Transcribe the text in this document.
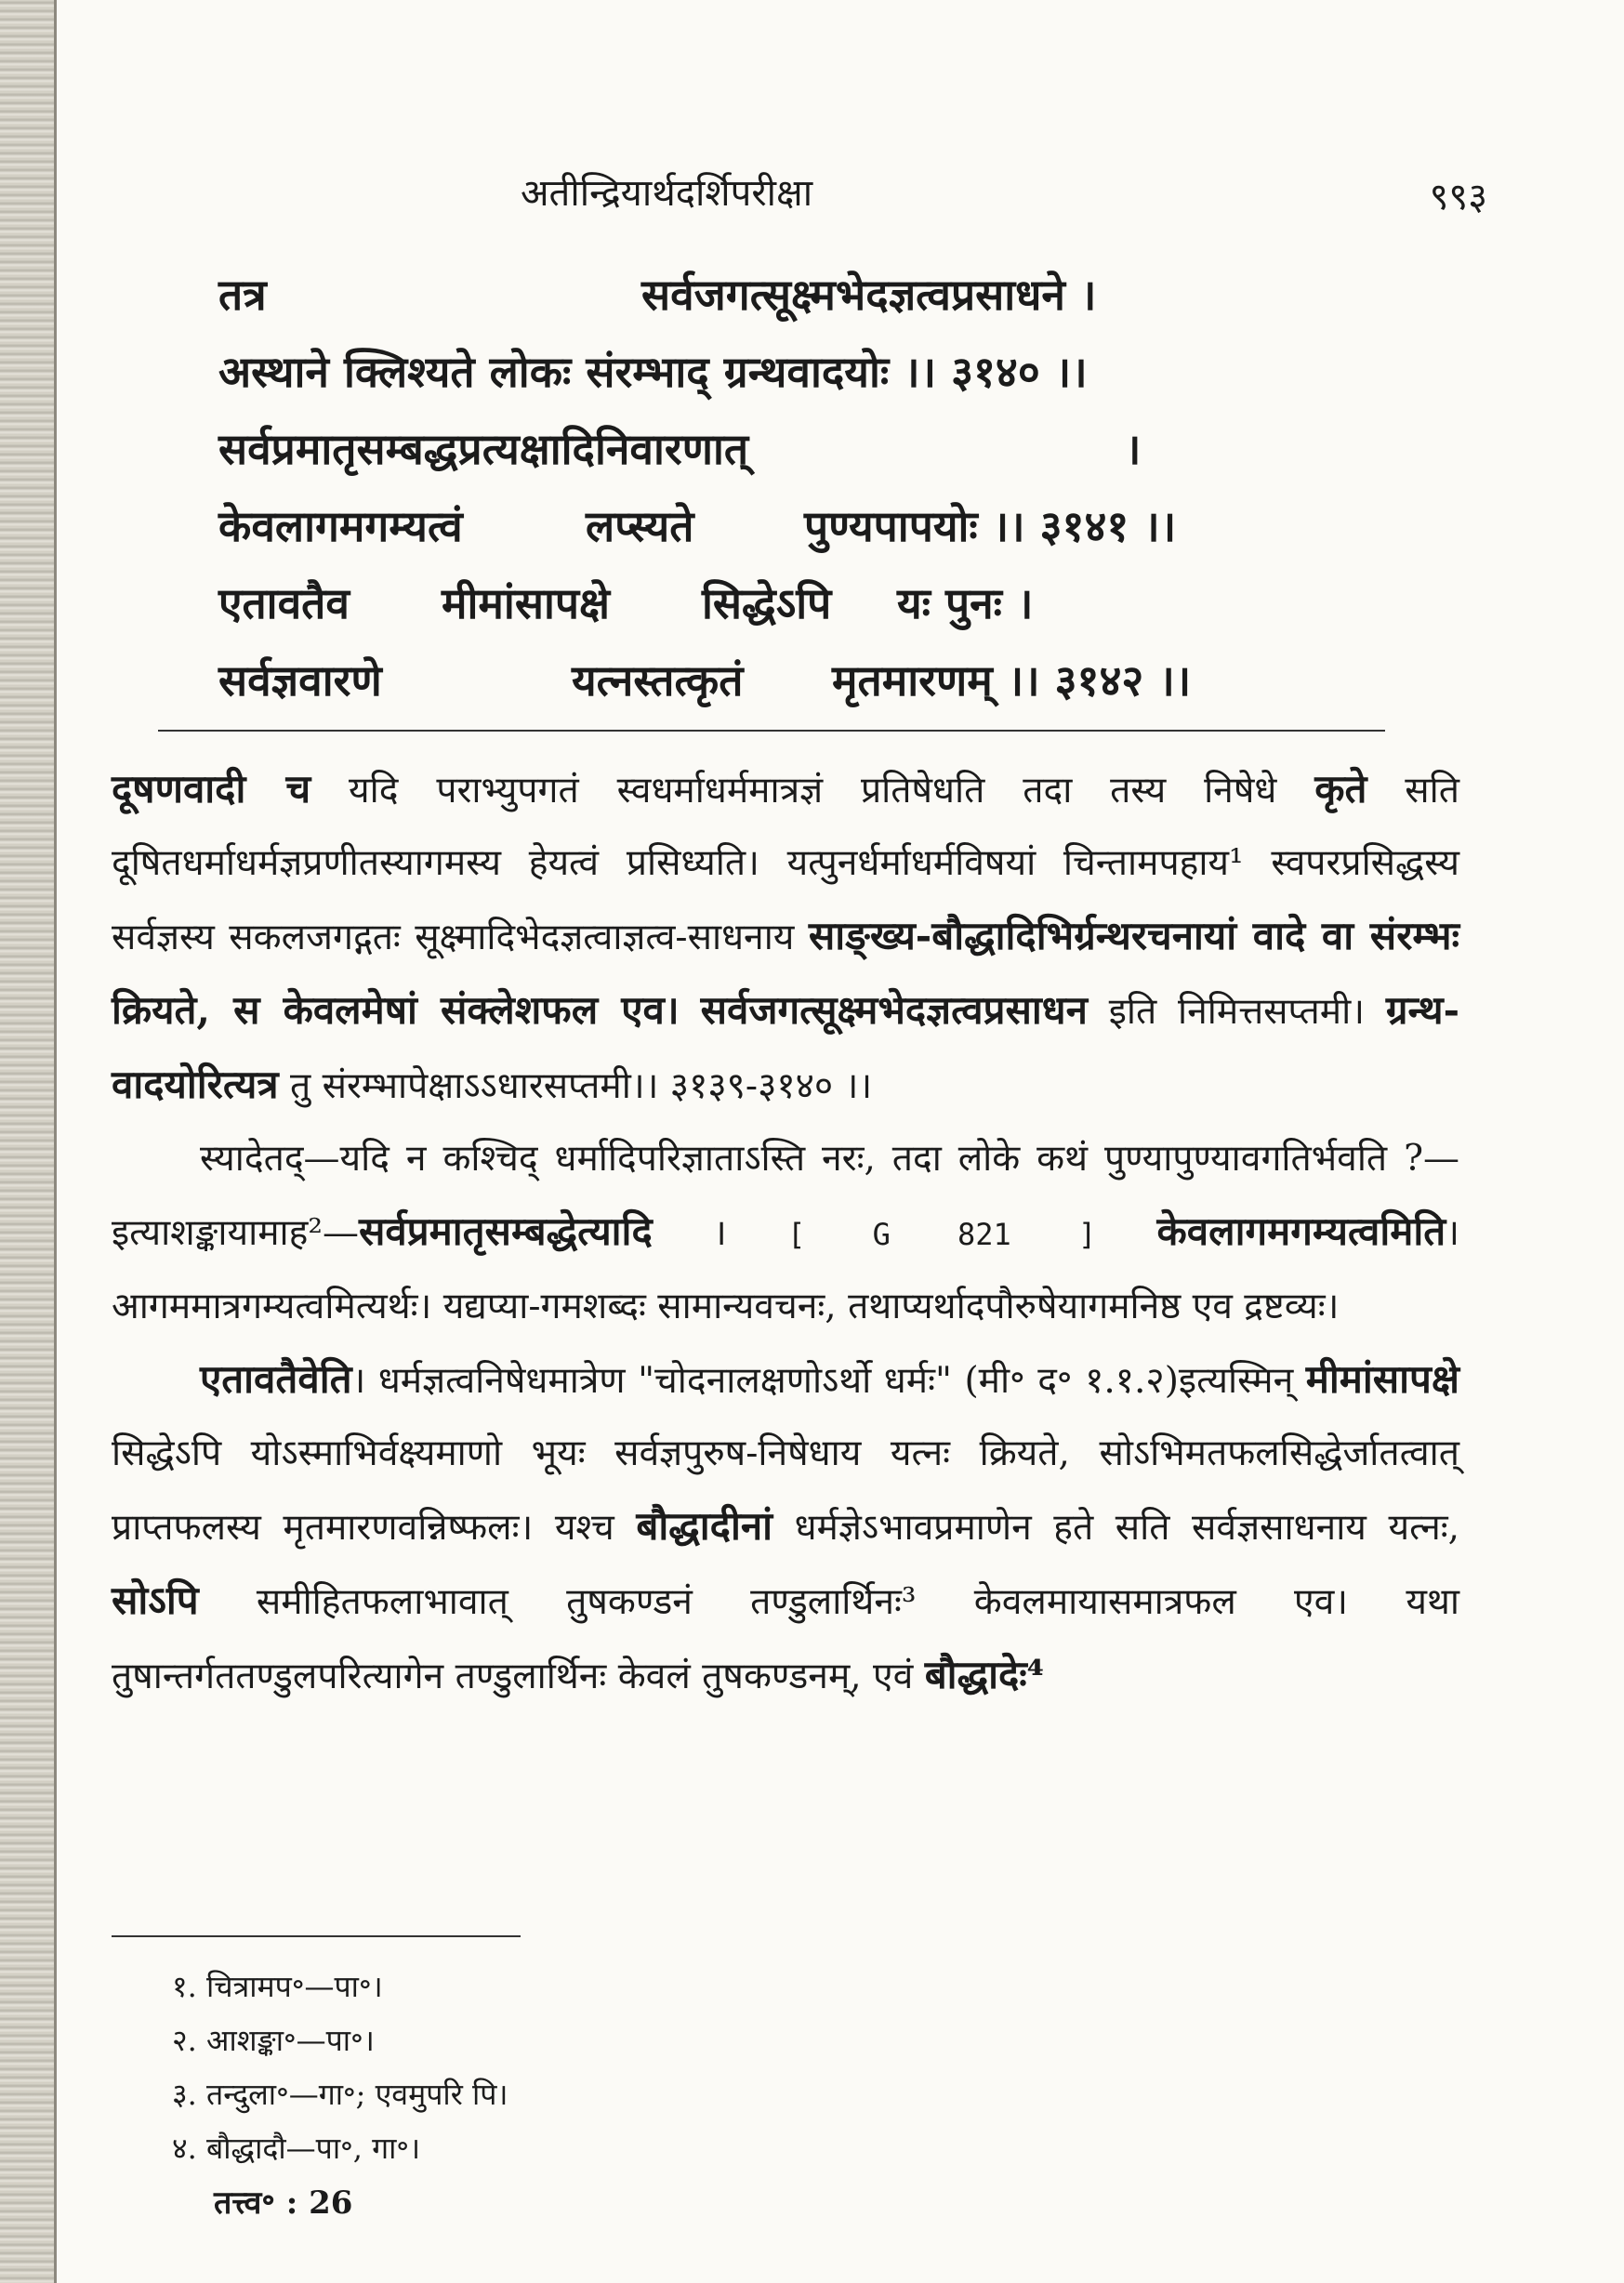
अतीन्द्रियार्थदर्शिपरीक्षा	९९३
तत्र	सर्वजगत्सूक्ष्मभेदज्ञत्वप्रसाधने ।
अस्थाने क्लिश्यते लोकः संरम्भाद् ग्रन्थवादयोः ।। ३१४० ।।
सर्वप्रमातृसम्बद्धप्रत्यक्षादिनिवारणात्	।
केवलागमगम्यत्वं	लप्स्यते	पुण्यपापयोः ।। ३१४१ ।।
एतावतैव मीमांसापक्षे सिद्धेऽपि यः पुनः ।
सर्वज्ञवारणे	यत्नस्तत्कृतं मृतमारणम् ।। ३१४२ ।।

दूषणवादी च यदि पराभ्युपगतं स्वधर्माधर्ममात्रज्ञं प्रतिषेधति तदा तस्य निषेधे कृते सति दूषितधर्माधर्मज्ञप्रणीतस्यागमस्य हेयत्वं प्रसिध्यति। यत्पुनर्धर्माधर्मविषयां चिन्तामपहाय¹ स्वपरप्रसिद्धस्य सर्वज्ञस्य सकलजगद्गतः सूक्ष्मादिभेदज्ञत्वाज्ञत्व-साधनाय साङ्ख्य-बौद्धादिभिर्ग्रन्थरचनायां वादे वा संरम्भः क्रियते, स केवलमेषां संक्लेशफल एव। सर्वजगत्सूक्ष्मभेदज्ञत्वप्रसाधन इति निमित्तसप्तमी। ग्रन्थ-वादयोरित्यत्र तु संरम्भापेक्षाऽऽधारसप्तमी।। ३१३९-३१४० ।।

स्यादेतद्—यदि न कश्चिद् धर्मादिपरिज्ञाताऽस्ति नरः, तदा लोके कथं पुण्यापुण्यावगतिर्भवति ?—इत्याशङ्कायामाह²—सर्वप्रमातृसम्बद्धेत्यादि । [ G 821 ] केवलागमगम्यत्वमिति। आगममात्रगम्यत्वमित्यर्थः। यद्यप्या-गमशब्दः सामान्यवचनः, तथाप्यर्थादपौरुषेयागमनिष्ठ एव द्रष्टव्यः।

एतावतैवेति। धर्मज्ञत्वनिषेधमात्रेण "चोदनालक्षणोऽर्थो धर्मः" (मी॰ द॰ १.१.२)इत्यस्मिन् मीमांसापक्षे सिद्धेऽपि योऽस्माभिर्वक्ष्यमाणो भूयः सर्वज्ञपुरुष-निषेधाय यत्नः क्रियते, सोऽभिमतफलसिद्धेर्जातत्वात् प्राप्तफलस्य मृतमारणवन्निष्फलः। यश्च बौद्धादीनां धर्मज्ञेऽभावप्रमाणेन हते सति सर्वज्ञसाधनाय यत्नः, सोऽपि समीहितफलाभावात् तुषकण्डनं तण्डुलार्थिनः³ केवलमायासमात्रफल एव। यथा तुषान्तर्गततण्डुलपरित्यागेन तण्डुलार्थिनः केवलं तुषकण्डनम्, एवं बौद्धादेः⁴

१. चित्रामप॰—पा॰।
२. आशङ्का॰—पा॰।
३. तन्दुला॰—गा॰; एवमुपरि पि।
४. बौद्धादौ—पा॰, गा॰।
तत्त्व॰ : 26
